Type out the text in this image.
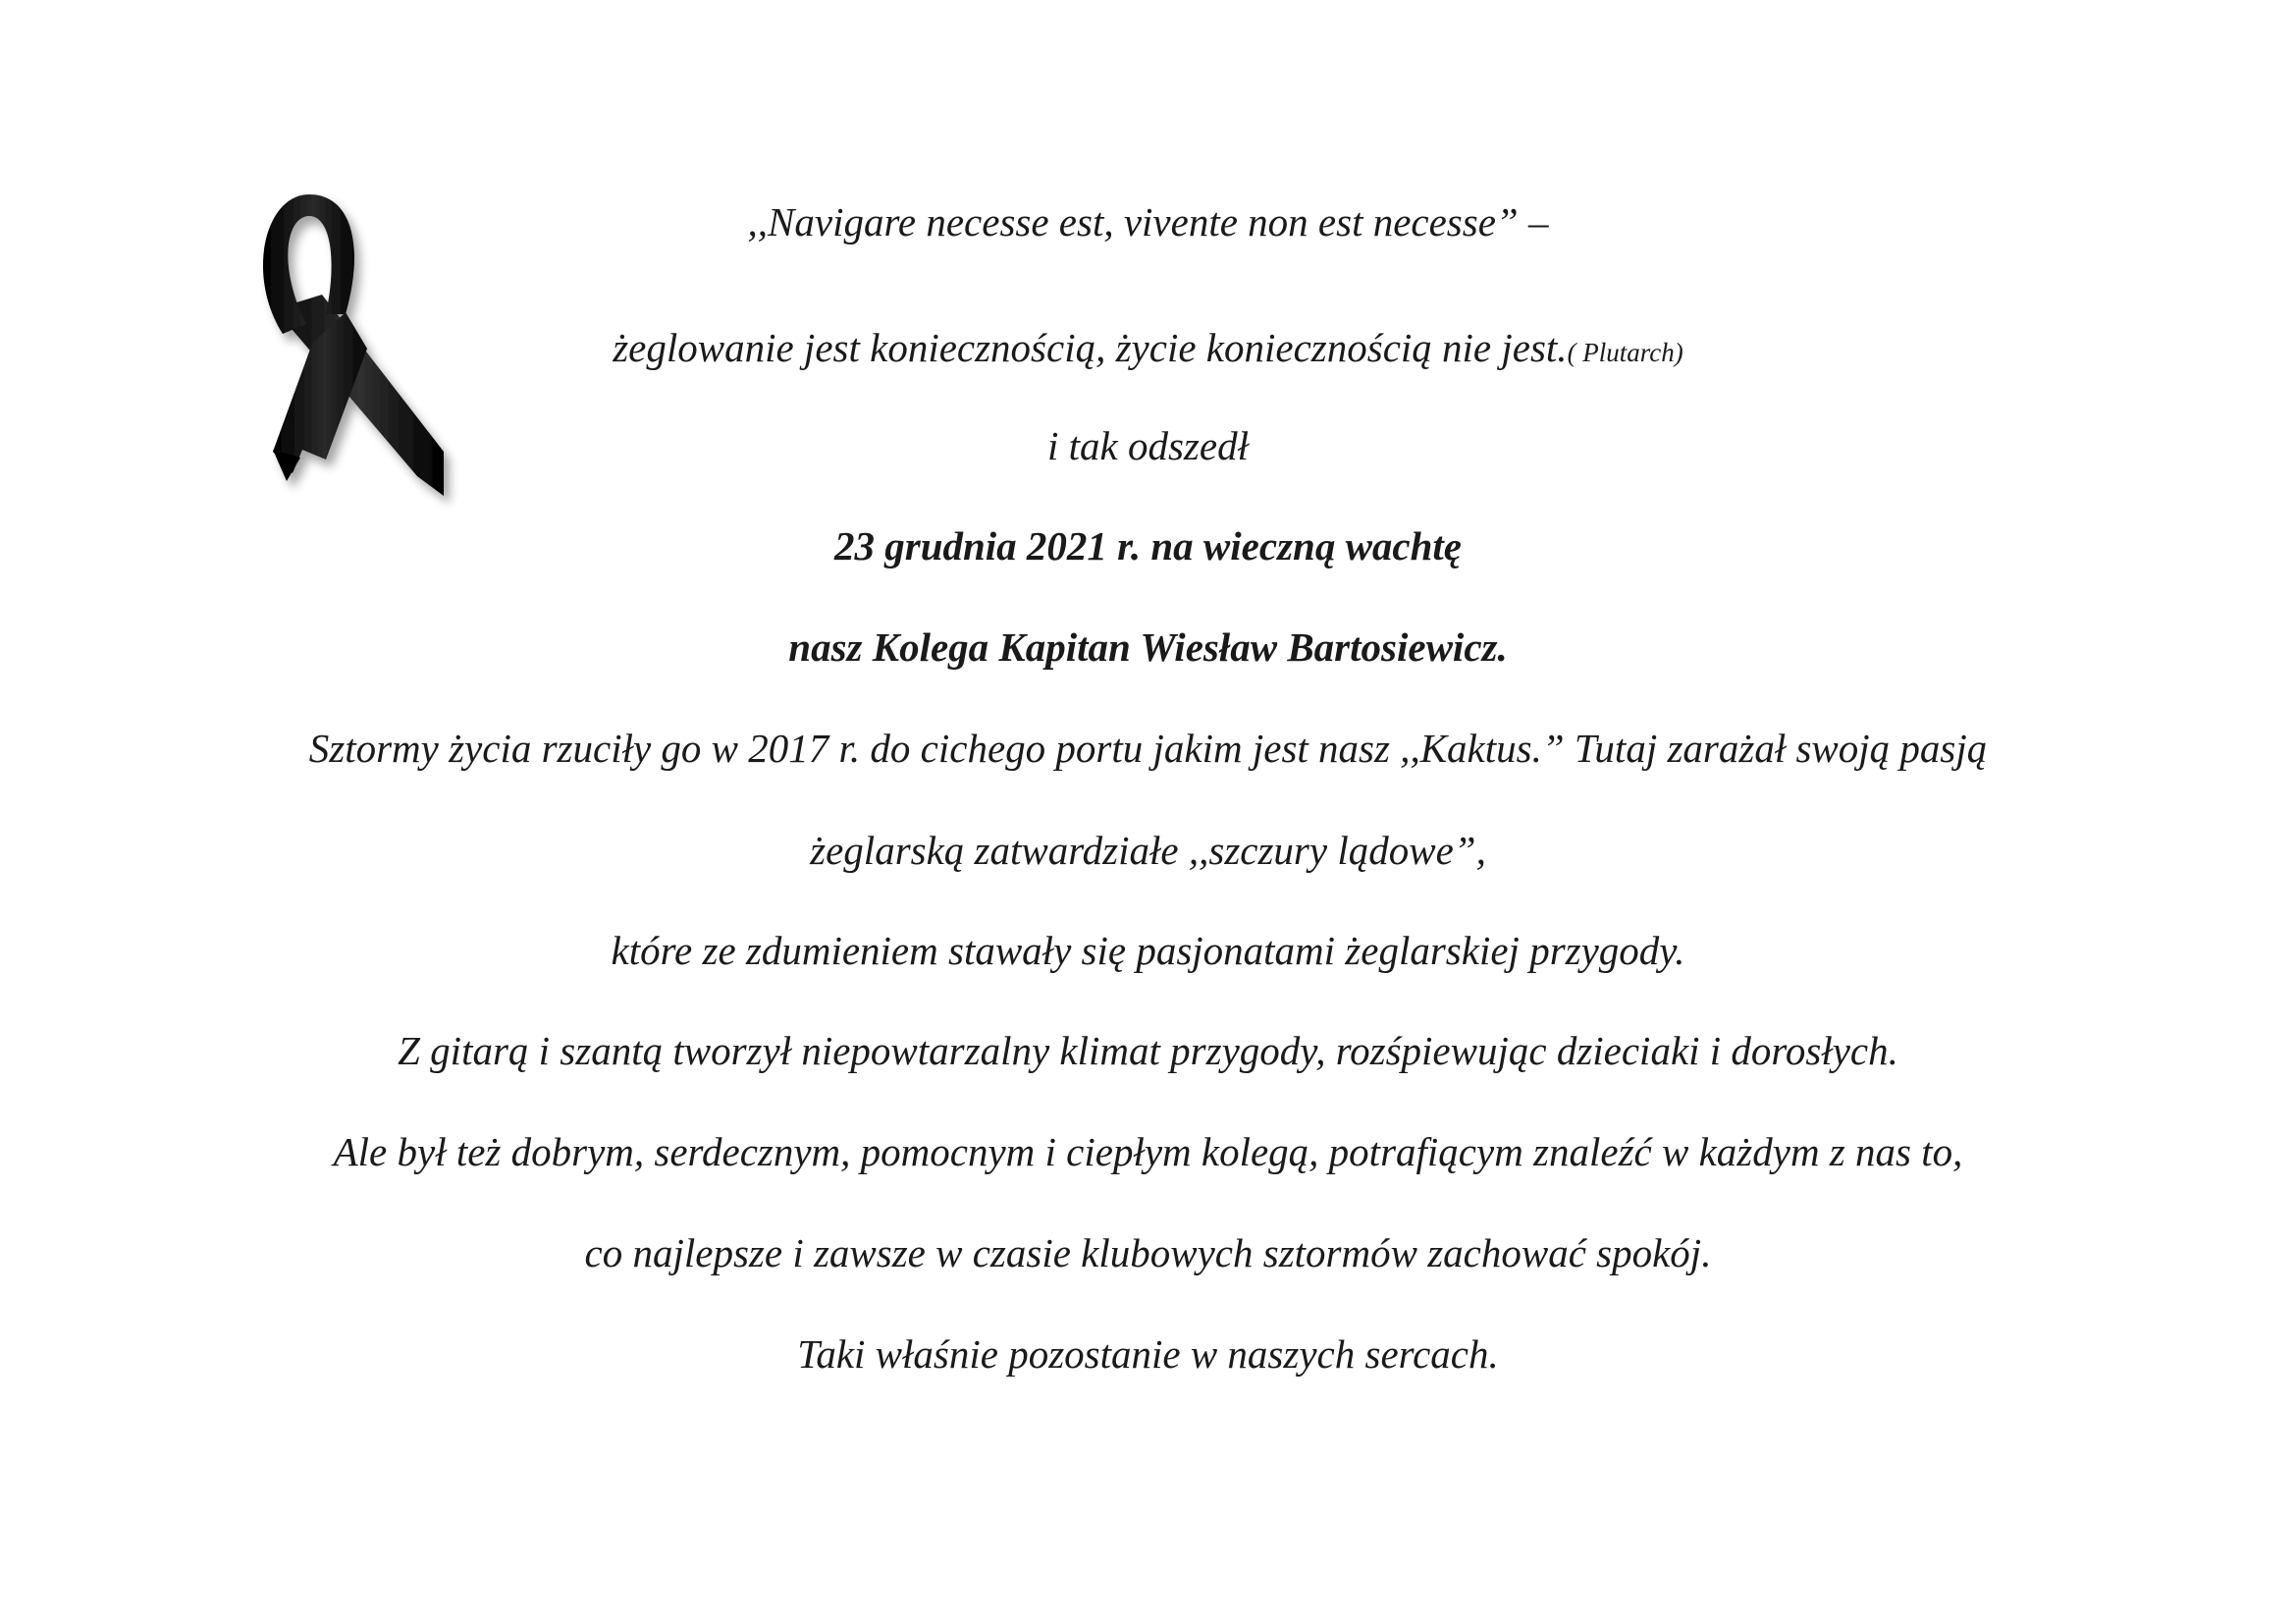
,,Navigare necesse est, vivente non est necesse” –
żeglowanie jest koniecznością, życie koniecznością nie jest.( Plutarch)
i tak odszedł
23 grudnia 2021 r. na wieczną wachtę
nasz Kolega Kapitan Wiesław Bartosiewicz.
Sztormy życia rzuciły go w 2017 r. do cichego portu jakim jest nasz ,,Kaktus.” Tutaj zarażał swoją pasją
żeglarską zatwardziałe ,,szczury lądowe”,
które ze zdumieniem stawały się pasjonatami żeglarskiej przygody.
Z gitarą i szantą tworzył niepowtarzalny klimat przygody, rozśpiewując dzieciaki i dorosłych.
Ale był też dobrym, serdecznym, pomocnym i ciepłym kolegą, potrafiącym znaleźć w każdym z nas to,
co najlepsze i zawsze w czasie klubowych sztormów zachować spokój.
Taki właśnie pozostanie w naszych sercach.
